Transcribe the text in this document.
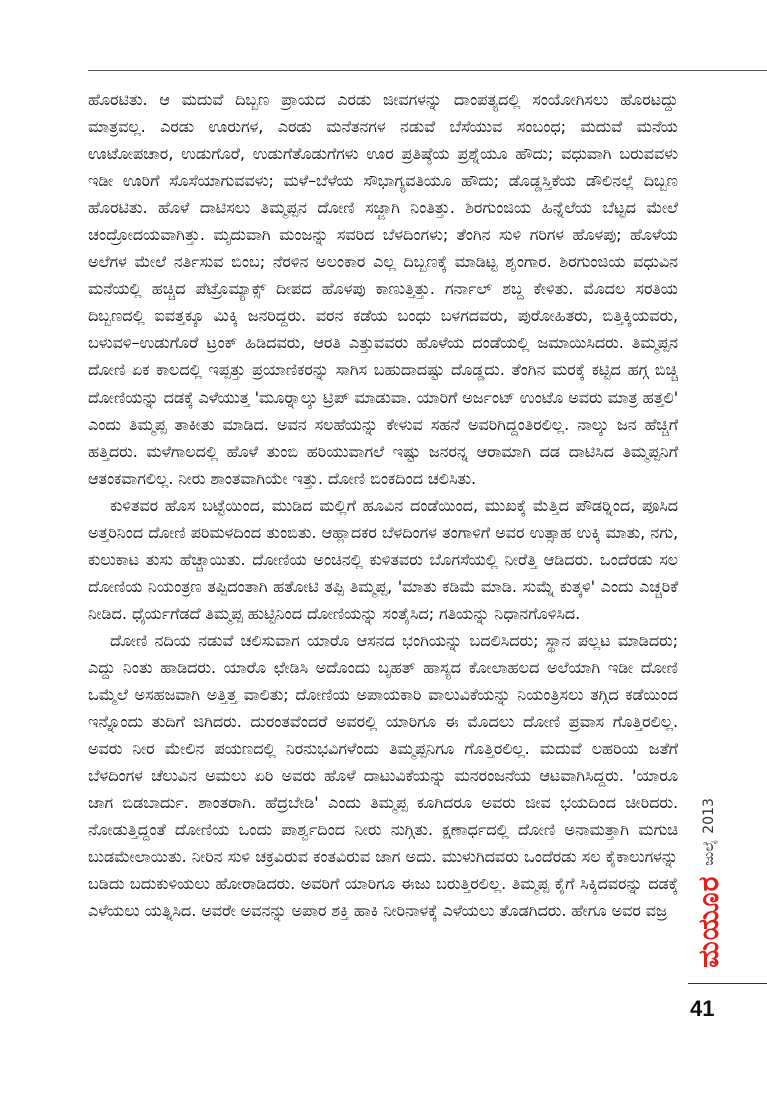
ಹೊರಟಿತು. ಆ ಮದುವೆ ದಿಬ್ಬಣ ಪ್ರಾಯದ ಎರಡು ಜೀವಗಳನ್ನು ದಾಂಪತ್ಯದಲ್ಲಿ ಸಂಯೋಗಿಸಲು ಹೊರಟದ್ದು ಮಾತ್ರವಲ್ಲ. ಎರಡು ಊರುಗಳ, ಎರಡು ಮನೆತನಗಳ ನಡುವೆ ಬೆಸೆಯುವ ಸಂಬಂಧ; ಮದುವೆ ಮನೆಯ ಊಟೋಪಚಾರ, ಉಡುಗೊರೆ, ಉಡುಗೆತೊಡುಗೆಗಳು ಊರ ಪ್ರತಿಷ್ಠೆಯ ಪ್ರಶ್ನೆಯೂ ಹೌದು; ವಧುವಾಗಿ ಬರುವವಳು ಇಡೀ ಊರಿಗೆ ಸೊಸೆಯಾಗುವವಳು; ಮಳೆ–ಬೆಳೆಯ ಸೌಭಾಗ್ಯವತಿಯೂ ಹೌದು; ಡೊಡ್ಡಸ್ತಿಕೆಯ ಡೌಲಿನಲ್ಲೆ ದಿಬ್ಬಣ ಹೊರಟಿತು. ಹೊಳೆ ದಾಟಿಸಲು ತಿಮ್ಮಪ್ಪನ ದೋಣಿ ಸಜ್ಜಾಗಿ ನಿಂತಿತ್ತು. ಶಿರಗುಂಜಿಯ ಹಿನ್ನೆಲೆಯ ಬೆಟ್ಟದ ಮೇಲೆ ಚಂದ್ರೋದಯವಾಗಿತ್ತು. ಮೃದುವಾಗಿ ಮಂಜನ್ನು ಸವರಿದ ಬೆಳದಿಂಗಳು; ತೆಂಗಿನ ಸುಳಿ ಗರಿಗಳ ಹೊಳಪು; ಹೊಳೆಯ ಅಲೆಗಳ ಮೇಲೆ ನರ್ತಿಸುವ ಬಿಂಬ; ನೆರಳಿನ ಅಲಂಕಾರ ಎಲ್ಲ ದಿಬ್ಬಣಕ್ಕೆ ಮಾಡಿಟ್ಟ ಶೃಂಗಾರ. ಶಿರಗುಂಜಿಯ ವಧುವಿನ ಮನೆಯಲ್ಲಿ ಹಚ್ಚಿದ ಪೆಟ್ರೊಮ್ಯಾಕ್ಸ್ ದೀಪದ ಹೊಳಪು ಕಾಣುತ್ತಿತ್ತು. ಗರ್ನಾಲ್ ಶಬ್ದ ಕೇಳಿತು. ಮೊದಲ ಸರತಿಯ ದಿಬ್ಬಣದಲ್ಲಿ ಐವತ್ತಕ್ಕೂ ಮಿಕ್ಕಿ ಜನರಿದ್ದರು. ವರನ ಕಡೆಯ ಬಂಧು ಬಳಗದವರು, ಪುರೋಹಿತರು, ಬಿತ್ತಿಕ್ಕಿಯವರು, ಬಳುವಳಿ–ಉಡುಗೊರೆ ಟ್ರಂಕ್ ಹಿಡಿದವರು, ಆರತಿ ಎತ್ತುವವರು ಹೊಳೆಯ ದಂಡೆಯಲ್ಲಿ ಜಮಾಯಿಸಿದರು. ತಿಮ್ಮಪ್ಪನ ದೋಣಿ ಏಕ ಕಾಲದಲ್ಲಿ ಇಪ್ಪತ್ತು ಪ್ರಯಾಣಿಕರನ್ನು ಸಾಗಿಸ ಬಹುದಾದಷ್ಟು ದೊಡ್ಡದು. ತೆಂಗಿನ ಮರಕ್ಕೆ ಕಟ್ಟಿದ ಹಗ್ಗ ಬಿಚ್ಚಿ ದೋಣಿಯನ್ನು ದಡಕ್ಕೆ ಎಳೆಯುತ್ತ 'ಮೂರ್‍ನಾಲ್ಕು ಟ್ರಿಪ್ ಮಾಡುವಾ. ಯಾರಿಗೆ ಅರ್ಜಂಟ್ ಉಂಟೊ ಅವರು ಮಾತ್ರ ಹತ್ತಲಿ' ಎಂದು ತಿಮ್ಮಪ್ಪ ತಾಕೀತು ಮಾಡಿದ. ಅವನ ಸಲಹೆಯನ್ನು ಕೇಳುವ ಸಹನೆ ಅವರಿಗಿದ್ದಂತಿರಲಿಲ್ಲ. ನಾಲ್ಕು ಜನ ಹೆಚ್ಚಿಗೆ ಹತ್ತಿದರು. ಮಳೆಗಾಲದಲ್ಲಿ ಹೊಳೆ ತುಂಬಿ ಹರಿಯುವಾಗಲೆ ಇಷ್ಟು ಜನರನ್ನ ಆರಾಮಾಗಿ ದಡ ದಾಟಿಸಿದ ತಿಮ್ಮಪ್ಪನಿಗೆ ಆತಂಕವಾಗಲಿಲ್ಲ. ನೀರು ಶಾಂತವಾಗಿಯೇ ಇತ್ತು. ದೋಣಿ ಬಿಂಕದಿಂದ ಚಲಿಸಿತು.

ಕುಳಿತವರ ಹೊಸ ಬಟ್ಟೆಯಿಂದ, ಮುಡಿದ ಮಲ್ಲಿಗೆ ಹೂವಿನ ದಂಡೆಯಿಂದ, ಮುಖಕ್ಕೆ ಮೆತ್ತಿದ ಪೌಡರ್‍ನಿಂದ, ಪೂಸಿದ ಅತ್ತರಿನಿಂದ ದೋಣಿ ಪರಿಮಳದಿಂದ ತುಂಬಿತು. ಆಹ್ಲಾದಕರ ಬೆಳದಿಂಗಳ ತಂಗಾಳಿಗೆ ಅವರ ಉತ್ಸಾಹ ಉಕ್ಕಿ ಮಾತು, ನಗು, ಕುಲುಕಾಟ ತುಸು ಹೆಚ್ಚಾಯಿತು. ದೋಣಿಯ ಅಂಚಿನಲ್ಲಿ ಕುಳಿತವರು ಬೊಗಸೆಯಲ್ಲಿ ನೀರೆತ್ತಿ ಆಡಿದರು. ಒಂದೆರಡು ಸಲ ದೋಣಿಯ ನಿಯಂತ್ರಣ ತಪ್ಪಿದಂತಾಗಿ ಹತೋಟಿ ತಪ್ಪಿ ತಿಮ್ಮಪ್ಪ, 'ಮಾತು ಕಡಿಮೆ ಮಾಡಿ. ಸುಮ್ನೆ ಕುತ್ಕಳಿ' ಎಂದು ಎಚ್ಚರಿಕೆ ನೀಡಿದ. ಧೈರ್ಯಗೆಡದೆ ತಿಮ್ಮಪ್ಪ ಹುಟ್ಟಿನಿಂದ ದೋಣಿಯನ್ನು ಸಂತೈಸಿದ; ಗತಿಯನ್ನು ನಿಧಾನಗೊಳಿಸಿದ.

ದೋಣಿ ನದಿಯ ನಡುವೆ ಚಲಿಸುವಾಗ ಯಾರೊ ಆಸನದ ಭಂಗಿಯನ್ನು ಬದಲಿಸಿದರು; ಸ್ಥಾನ ಪಲ್ಲಟ ಮಾಡಿದರು; ಎದ್ದು ನಿಂತು ಹಾಡಿದರು. ಯಾರೊ ಛೇಡಿಸಿ ಅದೊಂದು ಬೃಹತ್ ಹಾಸ್ಯದ ಕೋಲಾಹಲದ ಅಲೆಯಾಗಿ ಇಡೀ ದೋಣಿ ಒಮ್ಮೆಲೆ ಅಸಹಜವಾಗಿ ಅತ್ತಿತ್ತ ವಾಲಿತು; ದೋಣಿಯ ಅಪಾಯಕಾರಿ ವಾಲುವಿಕೆಯನ್ನು ನಿಯಂತ್ರಿಸಲು ತಗ್ಗಿದ ಕಡೆಯಿಂದ ಇನ್ನೊಂದು ತುದಿಗೆ ಜಿಗಿದರು. ದುರಂತವೆಂದರೆ ಅವರಲ್ಲಿ ಯಾರಿಗೂ ಈ ಮೊದಲು ದೋಣಿ ಪ್ರವಾಸ ಗೊತ್ತಿರಲಿಲ್ಲ. ಅವರು ನೀರ ಮೇಲಿನ ಪಯಣದಲ್ಲಿ ನಿರನುಭವಿಗಳೆಂದು ತಿಮ್ಮಪ್ಪನಿಗೂ ಗೊತ್ತಿರಲಿಲ್ಲ. ಮದುವೆ ಲಹರಿಯ ಜತೆಗೆ ಬೆಳದಿಂಗಳ ಚೆಲುವಿನ ಅಮಲು ಏರಿ ಅವರು ಹೊಳೆ ದಾಟುವಿಕೆಯನ್ನು ಮನರಂಜನೆಯ ಆಟವಾಗಿಸಿದ್ದರು. 'ಯಾರೂ ಜಾಗ ಬಿಡಬಾರ್ದು. ಶಾಂತರಾಗಿ. ಹೆದ್ರಬೇಡಿ' ಎಂದು ತಿಮ್ಮಪ್ಪ ಕೂಗಿದರೂ ಅವರು ಜೀವ ಭಯದಿಂದ ಚೀರಿದರು. ನೋಡುತ್ತಿದ್ದಂತೆ ದೋಣಿಯ ಒಂದು ಪಾರ್ಶ್ವದಿಂದ ನೀರು ನುಗ್ಗಿತು. ಕ್ಷಣಾರ್ಧದಲ್ಲಿ ದೋಣಿ ಅನಾಮತ್ತಾಗಿ ಮಗುಚಿ ಬುಡಮೇಲಾಯಿತು. ನೀರಿನ ಸುಳಿ ಚಕ್ರವಿರುವ ಕಂತವಿರುವ ಜಾಗ ಅದು. ಮುಳುಗಿದವರು ಒಂದೆರಡು ಸಲ ಕೈಕಾಲುಗಳನ್ನು ಬಡಿದು ಬದುಕುಳಿಯಲು ಹೋರಾಡಿದರು. ಅವರಿಗೆ ಯಾರಿಗೂ ಈಜು ಬರುತ್ತಿರಲಿಲ್ಲ. ತಿಮ್ಮಪ್ಪ ಕೈಗೆ ಸಿಕ್ಕಿದವರನ್ನು ದಡಕ್ಕೆ ಎಳೆಯಲು ಯತ್ನಿಸಿದ. ಅವರೇ ಅವನನ್ನು ಅಪಾರ ಶಕ್ತಿ ಹಾಕಿ ನೀರಿನಾಳಕ್ಕೆ ಎಳೆಯಲು ತೊಡಗಿದರು. ಹೇಗೂ ಅವರ ವಜ್ರ ಮಯೂರ
ಜುಲೈ
2013
41
